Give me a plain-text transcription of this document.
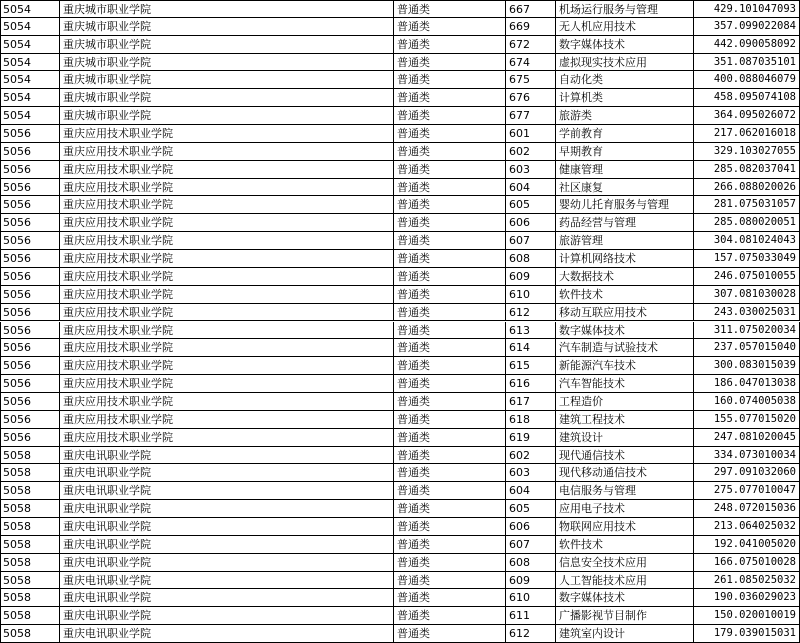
5054	重庆城市职业学院	普通类	667	机场运行服务与管理	429.101047093
5054	重庆城市职业学院	普通类	669	无人机应用技术	357.099022084
5054	重庆城市职业学院	普通类	672	数字媒体技术	442.090058092
5054	重庆城市职业学院	普通类	674	虚拟现实技术应用	351.087035101
5054	重庆城市职业学院	普通类	675	自动化类	400.088046079
5054	重庆城市职业学院	普通类	676	计算机类	458.095074108
5054	重庆城市职业学院	普通类	677	旅游类	364.095026072
5056	重庆应用技术职业学院	普通类	601	学前教育	217.062016018
5056	重庆应用技术职业学院	普通类	602	早期教育	329.103027055
5056	重庆应用技术职业学院	普通类	603	健康管理	285.082037041
5056	重庆应用技术职业学院	普通类	604	社区康复	266.088020026
5056	重庆应用技术职业学院	普通类	605	婴幼儿托育服务与管理	281.075031057
5056	重庆应用技术职业学院	普通类	606	药品经营与管理	285.080020051
5056	重庆应用技术职业学院	普通类	607	旅游管理	304.081024043
5056	重庆应用技术职业学院	普通类	608	计算机网络技术	157.075033049
5056	重庆应用技术职业学院	普通类	609	大数据技术	246.075010055
5056	重庆应用技术职业学院	普通类	610	软件技术	307.081030028
5056	重庆应用技术职业学院	普通类	612	移动互联应用技术	243.030025031
5056	重庆应用技术职业学院	普通类	613	数字媒体技术	311.075020034
5056	重庆应用技术职业学院	普通类	614	汽车制造与试验技术	237.057015040
5056	重庆应用技术职业学院	普通类	615	新能源汽车技术	300.083015039
5056	重庆应用技术职业学院	普通类	616	汽车智能技术	186.047013038
5056	重庆应用技术职业学院	普通类	617	工程造价	160.074005038
5056	重庆应用技术职业学院	普通类	618	建筑工程技术	155.077015020
5056	重庆应用技术职业学院	普通类	619	建筑设计	247.081020045
5058	重庆电讯职业学院	普通类	602	现代通信技术	334.073010034
5058	重庆电讯职业学院	普通类	603	现代移动通信技术	297.091032060
5058	重庆电讯职业学院	普通类	604	电信服务与管理	275.077010047
5058	重庆电讯职业学院	普通类	605	应用电子技术	248.072015036
5058	重庆电讯职业学院	普通类	606	物联网应用技术	213.064025032
5058	重庆电讯职业学院	普通类	607	软件技术	192.041005020
5058	重庆电讯职业学院	普通类	608	信息安全技术应用	166.075010028
5058	重庆电讯职业学院	普通类	609	人工智能技术应用	261.085025032
5058	重庆电讯职业学院	普通类	610	数字媒体技术	190.036029023
5058	重庆电讯职业学院	普通类	611	广播影视节目制作	150.020010019
5058	重庆电讯职业学院	普通类	612	建筑室内设计	179.039015031
